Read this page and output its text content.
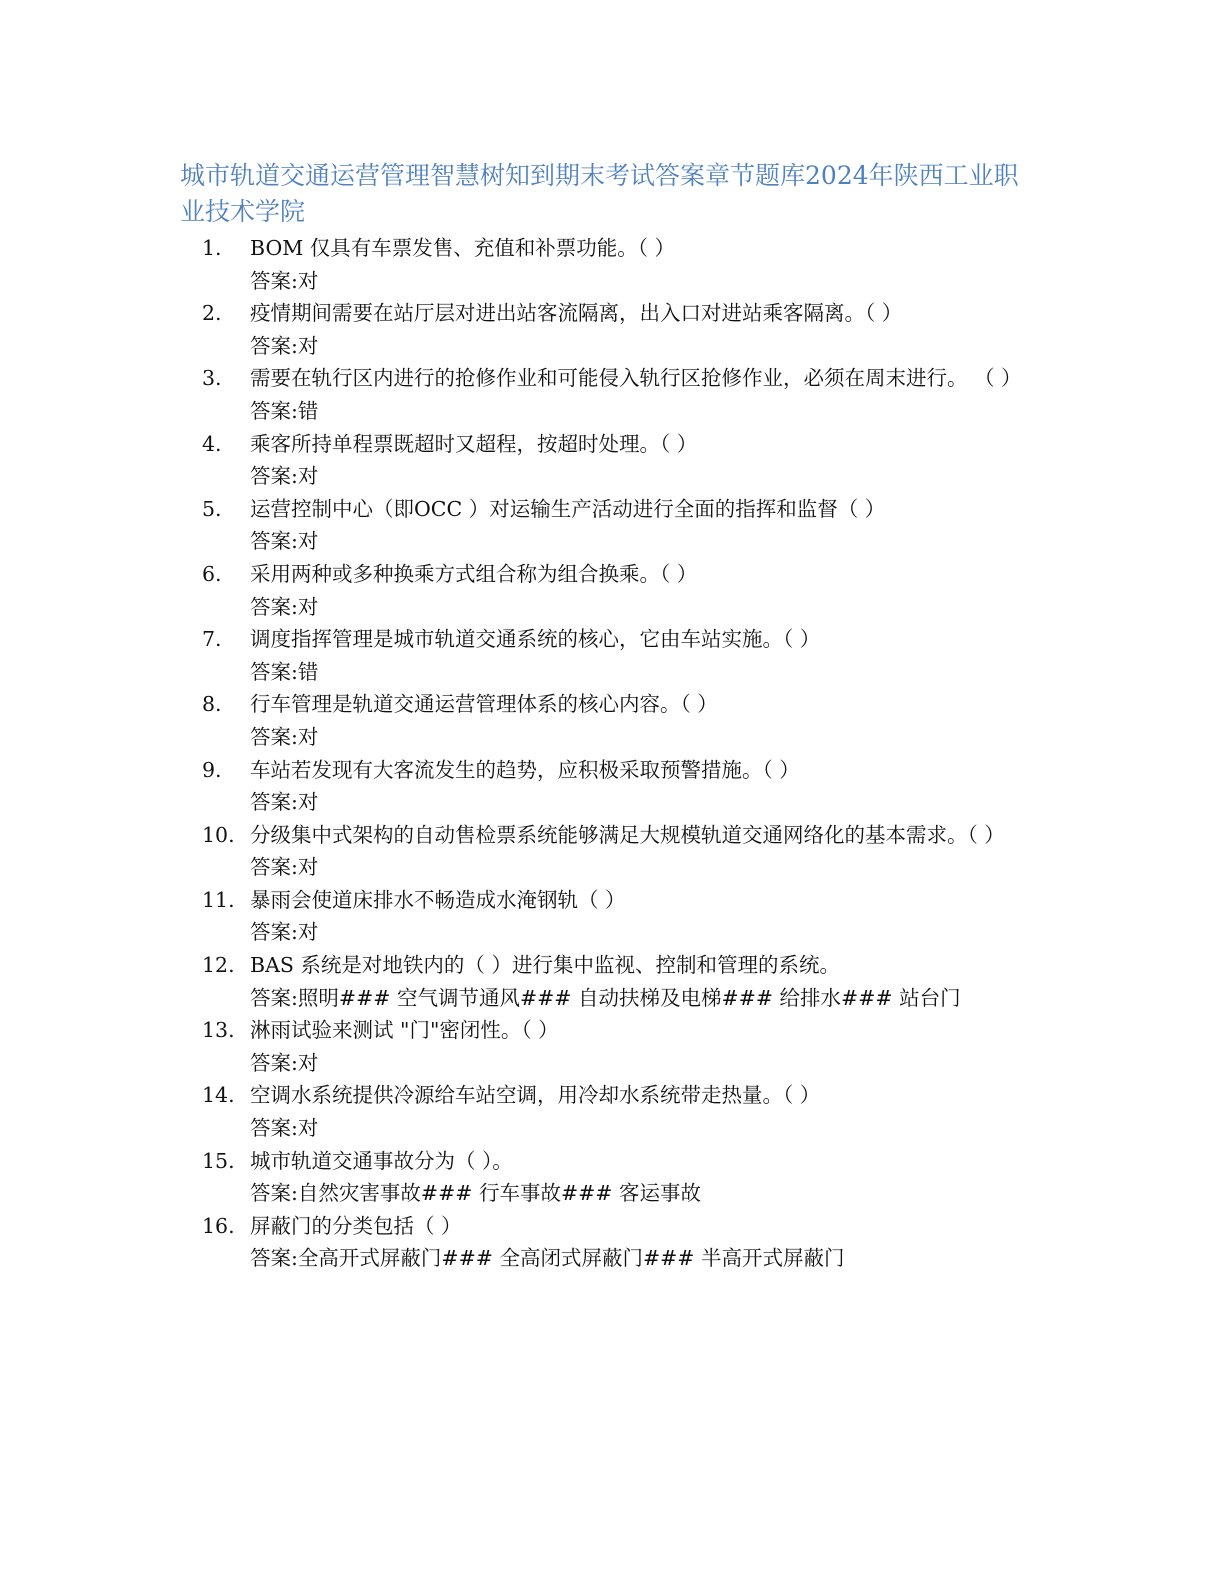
城市轨道交通运营管理智慧树知到期末考试答案章节题库2024年陕西工业职业技术学院
1.	BOM 仅具有车票发售、充值和补票功能。（ ）
答案:对
2.	疫情期间需要在站厅层对进出站客流隔离，出入口对进站乘客隔离。（ ）
答案:对
3.	需要在轨行区内进行的抢修作业和可能侵入轨行区抢修作业，必须在周末进行。 （ ）
答案:错
4.	乘客所持单程票既超时又超程，按超时处理。（ ）
答案:对
5.	运营控制中心（即OCC ）对运输生产活动进行全面的指挥和监督（ ）
答案:对
6.	采用两种或多种换乘方式组合称为组合换乘。（ ）
答案:对
7.	调度指挥管理是城市轨道交通系统的核心，它由车站实施。（ ）
答案:错
8.	行车管理是轨道交通运营管理体系的核心内容。（ ）
答案:对
9.	车站若发现有大客流发生的趋势，应积极采取预警措施。（ ）
答案:对
10. 分级集中式架构的自动售检票系统能够满足大规模轨道交通网络化的基本需求。（ ）
答案:对
11. 暴雨会使道床排水不畅造成水淹钢轨（ ）
答案:对
12. BAS 系统是对地铁内的（ ）进行集中监视、控制和管理的系统。
答案:照明### 空气调节通风### 自动扶梯及电梯### 给排水### 站台门
13. 淋雨试验来测试 "门"密闭性。（ ）
答案:对
14. 空调水系统提供冷源给车站空调，用冷却水系统带走热量。（ ）
答案:对
15. 城市轨道交通事故分为（ ）。
答案:自然灾害事故### 行车事故### 客运事故
16. 屏蔽门的分类包括（ ）
答案:全高开式屏蔽门### 全高闭式屏蔽门### 半高开式屏蔽门
